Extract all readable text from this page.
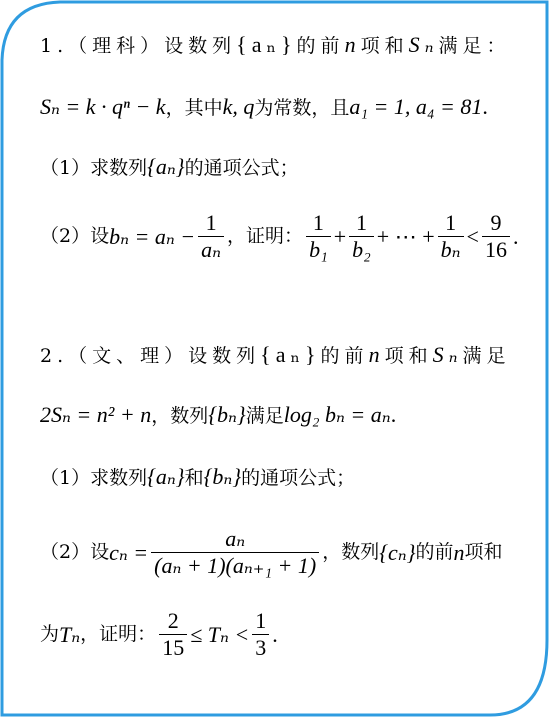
1.（理科）设数列{aₙ}的前n项和Sₙ满足：
Sₙ = k · qⁿ − k，其中k, q为常数，且a₁ = 1, a₄ = 81.
（1）求数列{aₙ}的通项公式；
（2）设 $b_n = a_n - \frac{1}{\text{aₙ}}$ ，证明： $\frac{1}{\text{b₁}} + \frac{1}{\text{b₂}}$ + ⋯ + $\frac{1}{\text{bₙ}} < \frac{9}{16}$ .
2.（文、理）设数列{aₙ}的前n项和Sₙ满足
2Sₙ = n² + n，数列{bₙ}满足log₂ bₙ = aₙ.
（1）求数列{aₙ}和{bₙ}的通项公式；
（2）设 $c_n = \frac{\text{aₙ}}{\text{(aₙ + 1)(aₙ₊₁ + 1)}}$ ，数列 {cₙ} 的前 n 项和
为 Tₙ ，证明： $\frac{2}{15} \le T_n < \frac{1}{3}$ .
